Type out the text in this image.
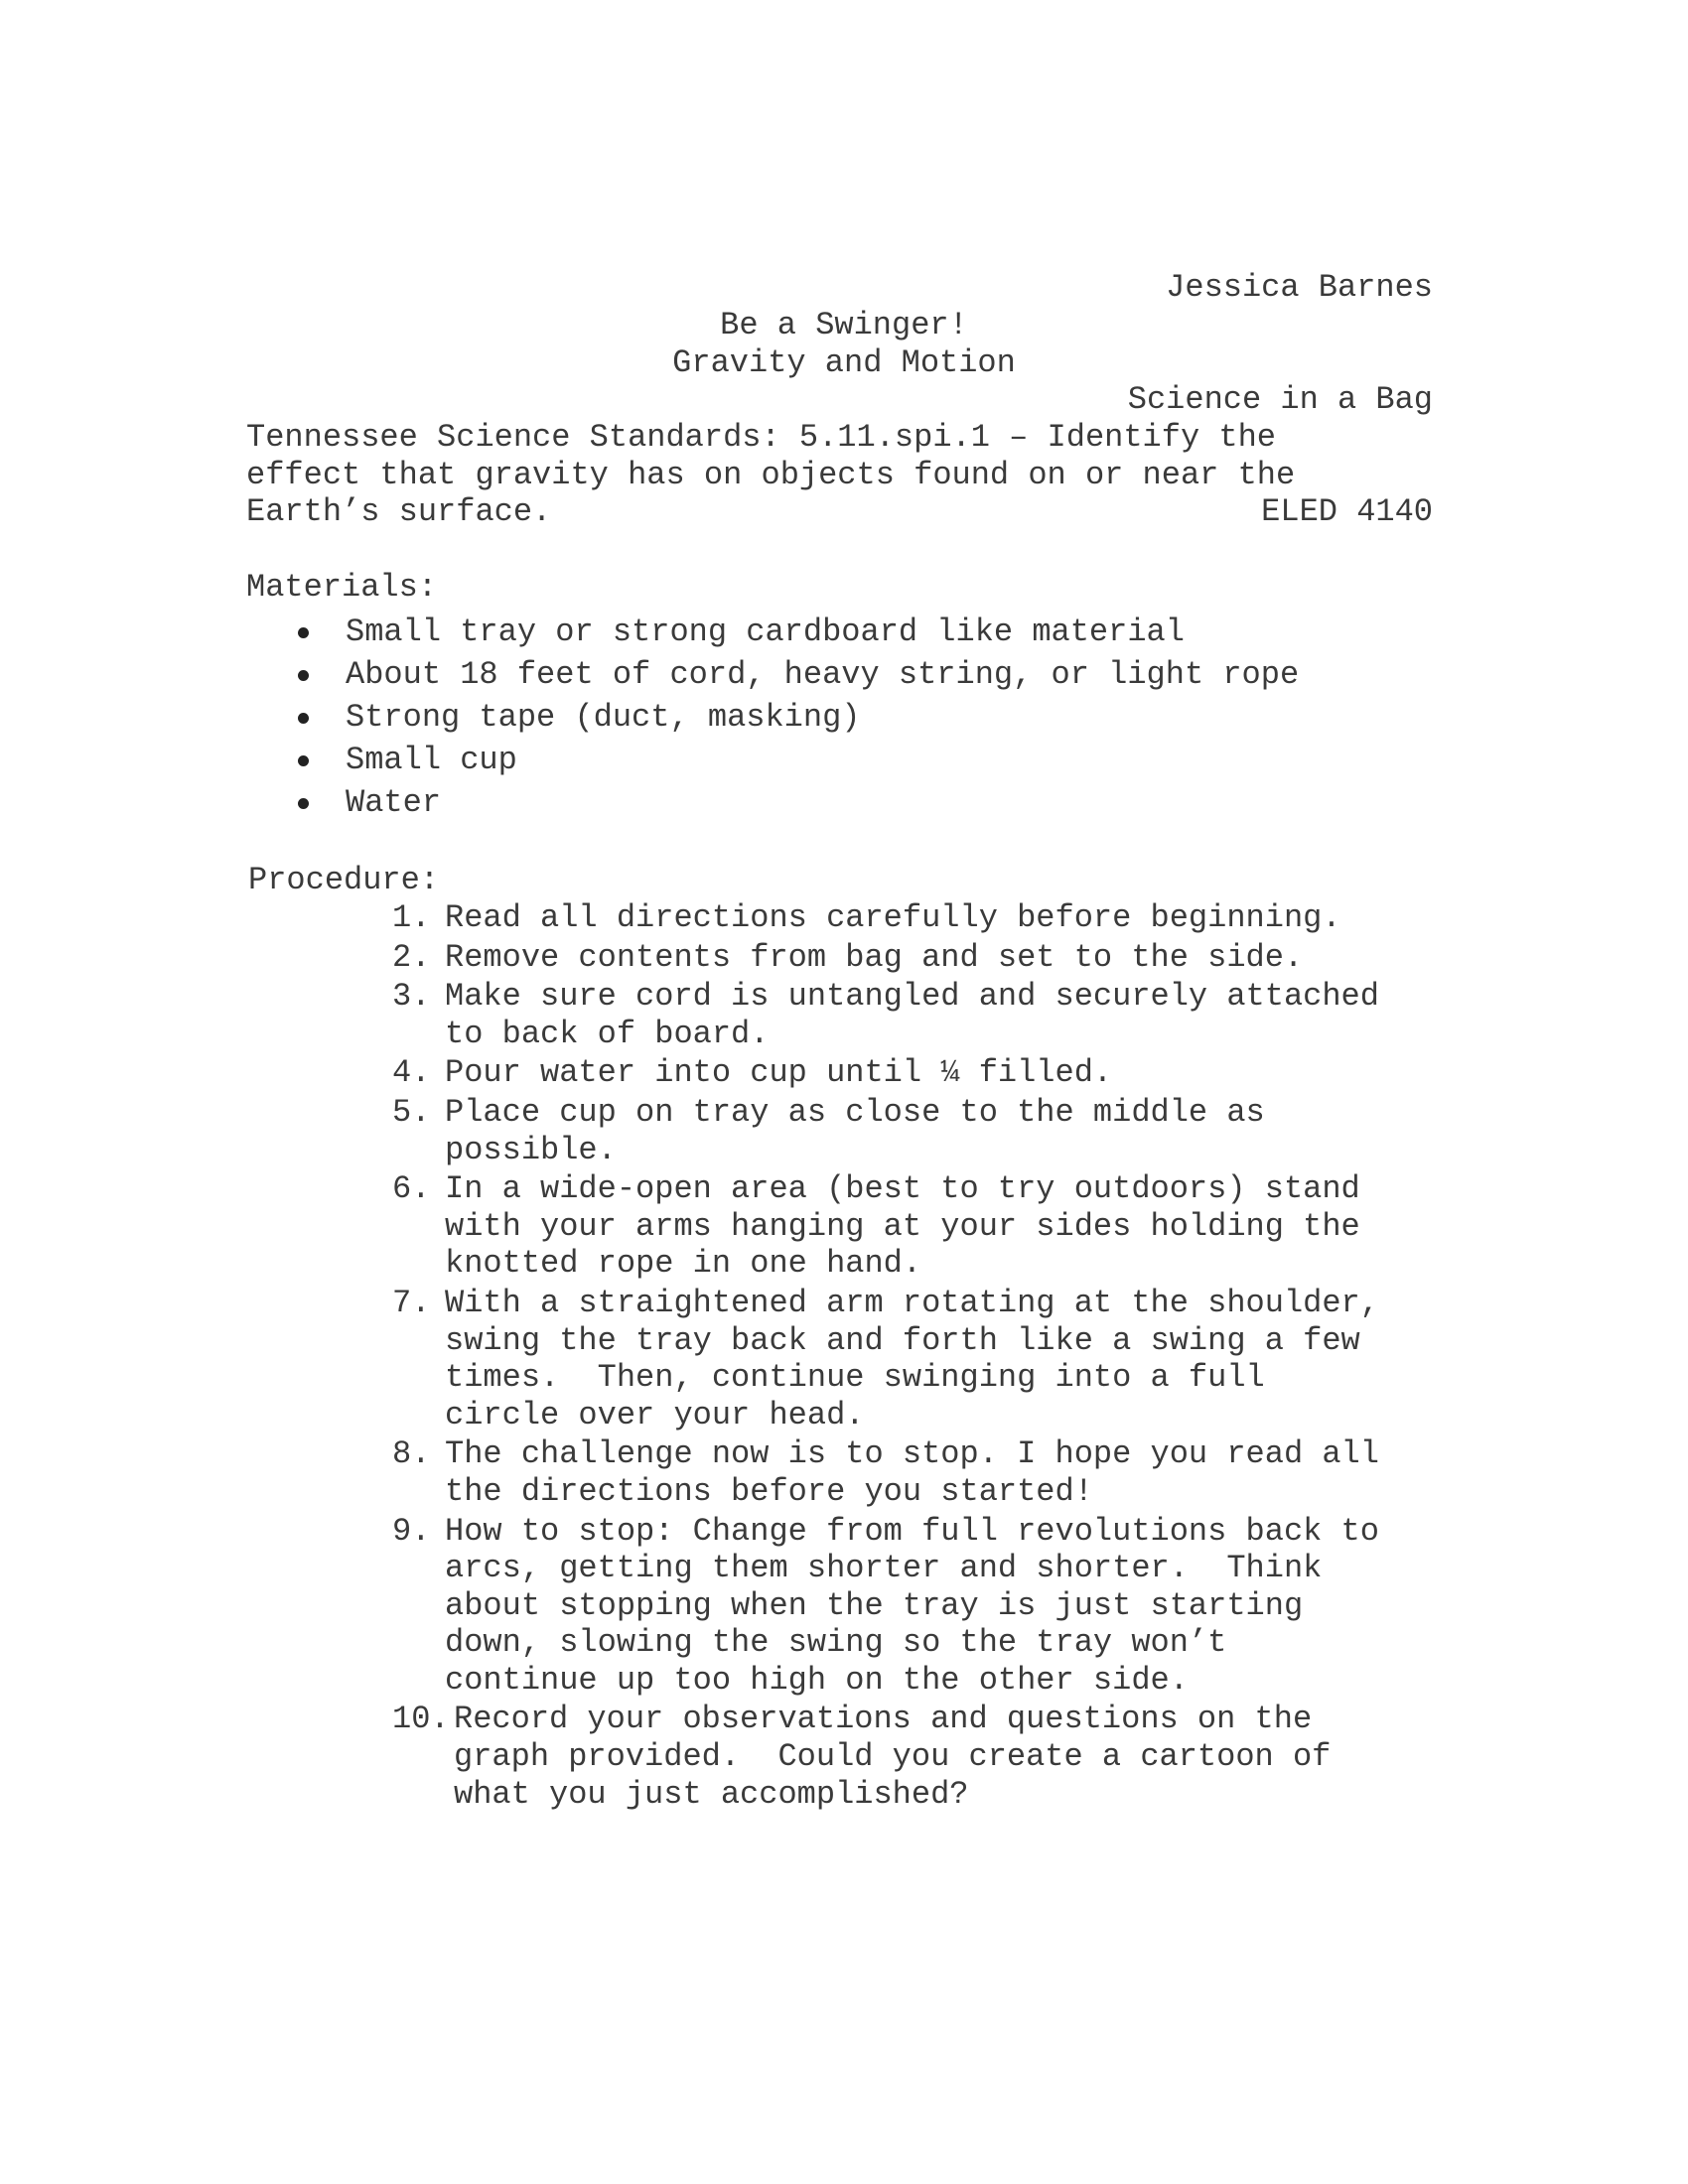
Jessica Barnes

Science in a Bag

ELED 4140

Be a Swinger!
Gravity and Motion
Tennessee Science Standards: 5.11.spi.1 – Identify the
effect that gravity has on objects found on or near the
Earth’s surface.
Materials:
Small tray or strong cardboard like material
About 18 feet of cord, heavy string, or light rope
Strong tape (duct, masking)
Small cup
Water
Procedure:
1. Read all directions carefully before beginning.
2. Remove contents from bag and set to the side.
3. Make sure cord is untangled and securely attached
to back of board.
4. Pour water into cup until ¼ filled.
5. Place cup on tray as close to the middle as
possible.
6. In a wide-open area (best to try outdoors) stand
with your arms hanging at your sides holding the
knotted rope in one hand.
7. With a straightened arm rotating at the shoulder,
swing the tray back and forth like a swing a few
times.  Then, continue swinging into a full
circle over your head.
8. The challenge now is to stop. I hope you read all
the directions before you started!
9. How to stop: Change from full revolutions back to
arcs, getting them shorter and shorter.  Think
about stopping when the tray is just starting
down, slowing the swing so the tray won’t
continue up too high on the other side.
10. Record your observations and questions on the
graph provided.  Could you create a cartoon of
what you just accomplished?
